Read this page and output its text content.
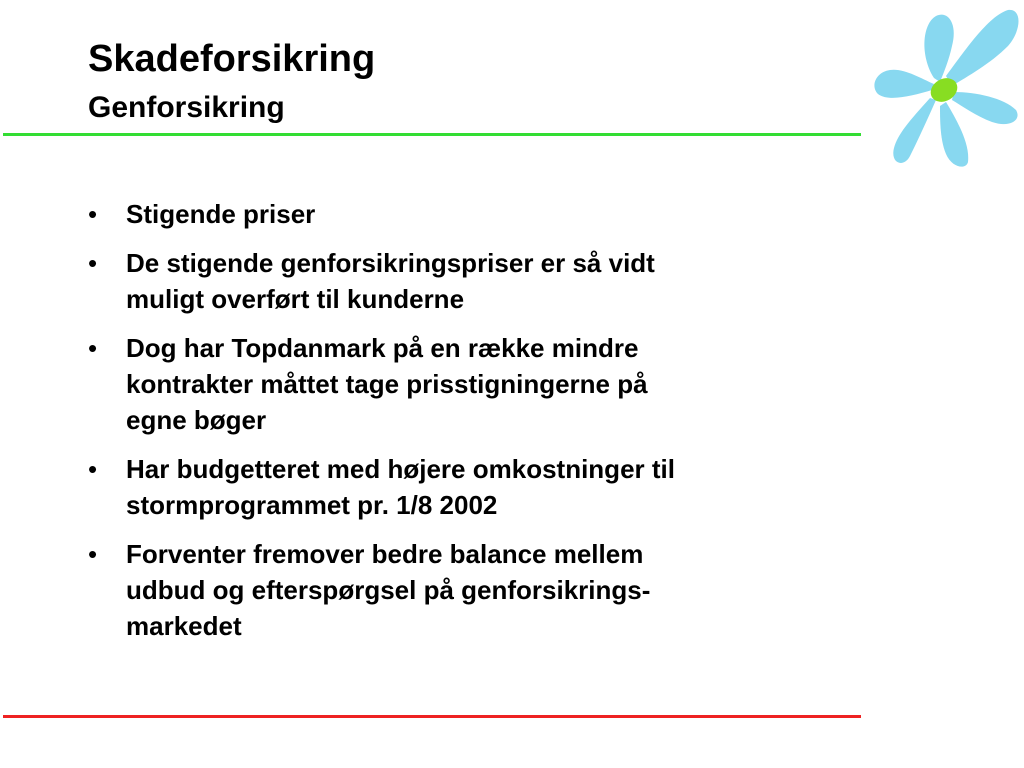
Skadeforsikring
Genforsikring
•	Stigende priser
•	De stigende genforsikringspriser er så vidt
muligt overført til kunderne
•	Dog har Topdanmark på en række mindre
kontrakter måttet tage prisstigningerne på
egne bøger
•	Har budgetteret med højere omkostninger til
stormprogrammet pr. 1/8 2002
•	Forventer fremover bedre balance mellem
udbud og efterspørgsel på genforsikrings-
markedet
